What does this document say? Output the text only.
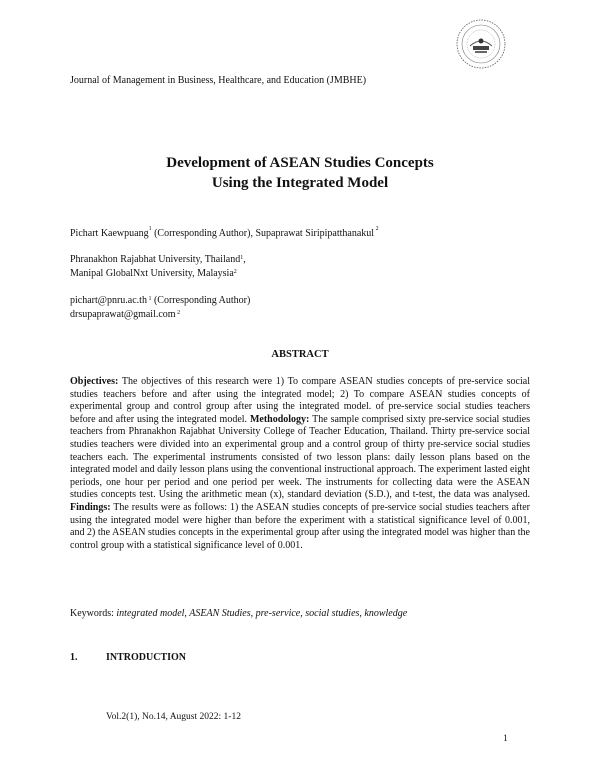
Journal of Management in Business, Healthcare, and Education (JMBHE)
Development of ASEAN Studies Concepts
Using the Integrated Model
Pichart Kaewpuang$^1$ (Corresponding Author), Supaprawat Siripipatthanakul $^2$
Phranakhon Rajabhat University, Thailand$^1$,
Manipal GlobalNxt University, Malaysia$^2$
pichart@pnru.ac.th $^1$ (Corresponding Author)
drsupaprawat@gmail.com $^2$
ABSTRACT
Objectives: The objectives of this research were 1) To compare ASEAN studies concepts of pre-service social studies teachers before and after using the integrated model; 2) To compare ASEAN studies concepts of experimental group and control group after using the integrated model. of pre-service social studies teachers before and after using the integrated model. Methodology: The sample comprised sixty pre-service social studies teachers from Phranakhon Rajabhat University College of Teacher Education, Thailand. Thirty pre-service social studies teachers were divided into an experimental group and a control group of thirty pre-service social studies teachers each. The experimental instruments consisted of two lesson plans: daily lesson plans based on the integrated model and daily lesson plans using the conventional instructional approach. The experiment lasted eight periods, one hour per period and one period per week. The instruments for collecting data were the ASEAN studies concepts test. Using the arithmetic mean (x), standard deviation (S.D.), and t-test, the data was analysed. Findings: The results were as follows: 1) the ASEAN studies concepts of pre-service social studies teachers after using the integrated model were higher than before the experiment with a statistical significance level of 0.001, and 2) the ASEAN studies concepts in the experimental group after using the integrated model was higher than the control group with a statistical significance level of 0.001.
Keywords: integrated model, ASEAN Studies, pre-service, social studies, knowledge
1.	INTRODUCTION
Vol.2(1), No.14, August 2022: 1-12
1
